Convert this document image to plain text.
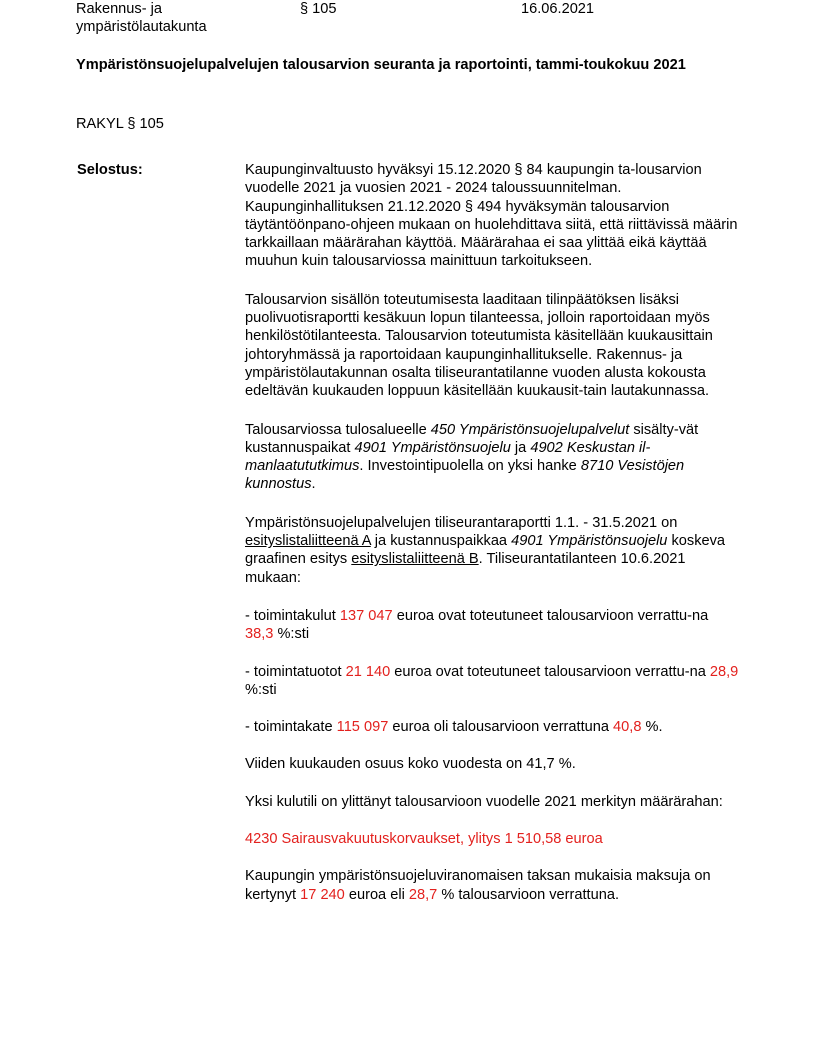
Rakennus- ja ympäristölautakunta
§ 105	16.06.2021
Ympäristönsuojelupalvelujen talousarvion seuranta ja raportointi, tammi-toukokuu 2021
RAKYL § 105
Selostus:	Kaupunginvaltuusto hyväksyi 15.12.2020 § 84 kaupungin ta-lousarvion vuodelle 2021 ja vuosien 2021 - 2024 taloussuunnitelman. Kaupunginhallituksen 21.12.2020 § 494 hyväksymän talousarvion täytäntöönpano-ohjeen mukaan on huolehdittava siitä, että riittävissä määrin tarkkaillaan määrärahan käyttöä. Määrärahaa ei saa ylittää eikä käyttää muuhun kuin talousarviossa mainittuun tarkoitukseen.

Talousarvion sisällön toteutumisesta laaditaan tilinpäätöksen lisäksi puolivuotisraportti kesäkuun lopun tilanteessa, jolloin raportoidaan myös henkilöstötilanteesta. Talousarvion toteutumista käsitellään kuukausittain johtoryhmässä ja raportoidaan kaupunginhallitukselle. Rakennus- ja ympäristölautakunnan osalta tiliseurantatilanne vuoden alusta kokousta edeltävän kuukauden loppuun käsitellään kuukausit-tain lautakunnassa.

Talousarviossa tulosalueelle 450 Ympäristönsuojelupalvelut sisälty-vät kustannuspaikat 4901 Ympäristönsuojelu ja 4902 Keskustan il-manlaatututkimus. Investointipuolella on yksi hanke 8710 Vesistöjen kunnostus.

Ympäristönsuojelupalvelujen tiliseurantaraportti 1.1. - 31.5.2021 on esityslistaliitteenä A ja kustannuspaikkaa 4901 Ympäristönsuojelu koskeva graafinen esitys esityslistaliitteenä B. Tiliseurantatilanteen 10.6.2021 mukaan:

- toimintakulut 137 047 euroa ovat toteutuneet talousarvioon verrattu-na 38,3 %:sti

- toimintatuotot 21 140 euroa ovat toteutuneet talousarvioon verrattu-na 28,9 %:sti

- toimintakate 115 097 euroa oli talousarvioon verrattuna 40,8 %.

Viiden kuukauden osuus koko vuodesta on 41,7 %.

Yksi kulutili on ylittänyt talousarvioon vuodelle 2021 merkityn määrärahan:

4230 Sairausvakuutuskorvaukset, ylitys 1 510,58 euroa

Kaupungin ympäristönsuojeluviranomaisen taksan mukaisia maksuja on kertynyt 17 240 euroa eli 28,7 % talousarvioon verrattuna.
